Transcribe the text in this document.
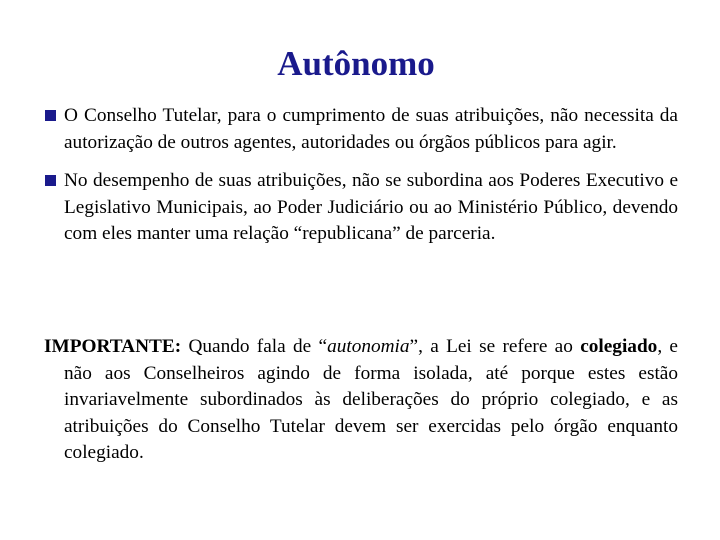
Autônomo
O Conselho Tutelar, para o cumprimento de suas atribuições, não necessita da autorização de outros agentes, autoridades ou órgãos públicos para agir.
No desempenho de suas atribuições, não se subordina aos Poderes Executivo e Legislativo Municipais, ao Poder Judiciário ou ao Ministério Público, devendo com eles manter uma relação “republicana” de parceria.
IMPORTANTE: Quando fala de “autonomia”, a Lei se refere ao colegiado, e não aos Conselheiros agindo de forma isolada, até porque estes estão invariavelmente subordinados às deliberações do próprio colegiado, e as atribuições do Conselho Tutelar devem ser exercidas pelo órgão enquanto colegiado.
